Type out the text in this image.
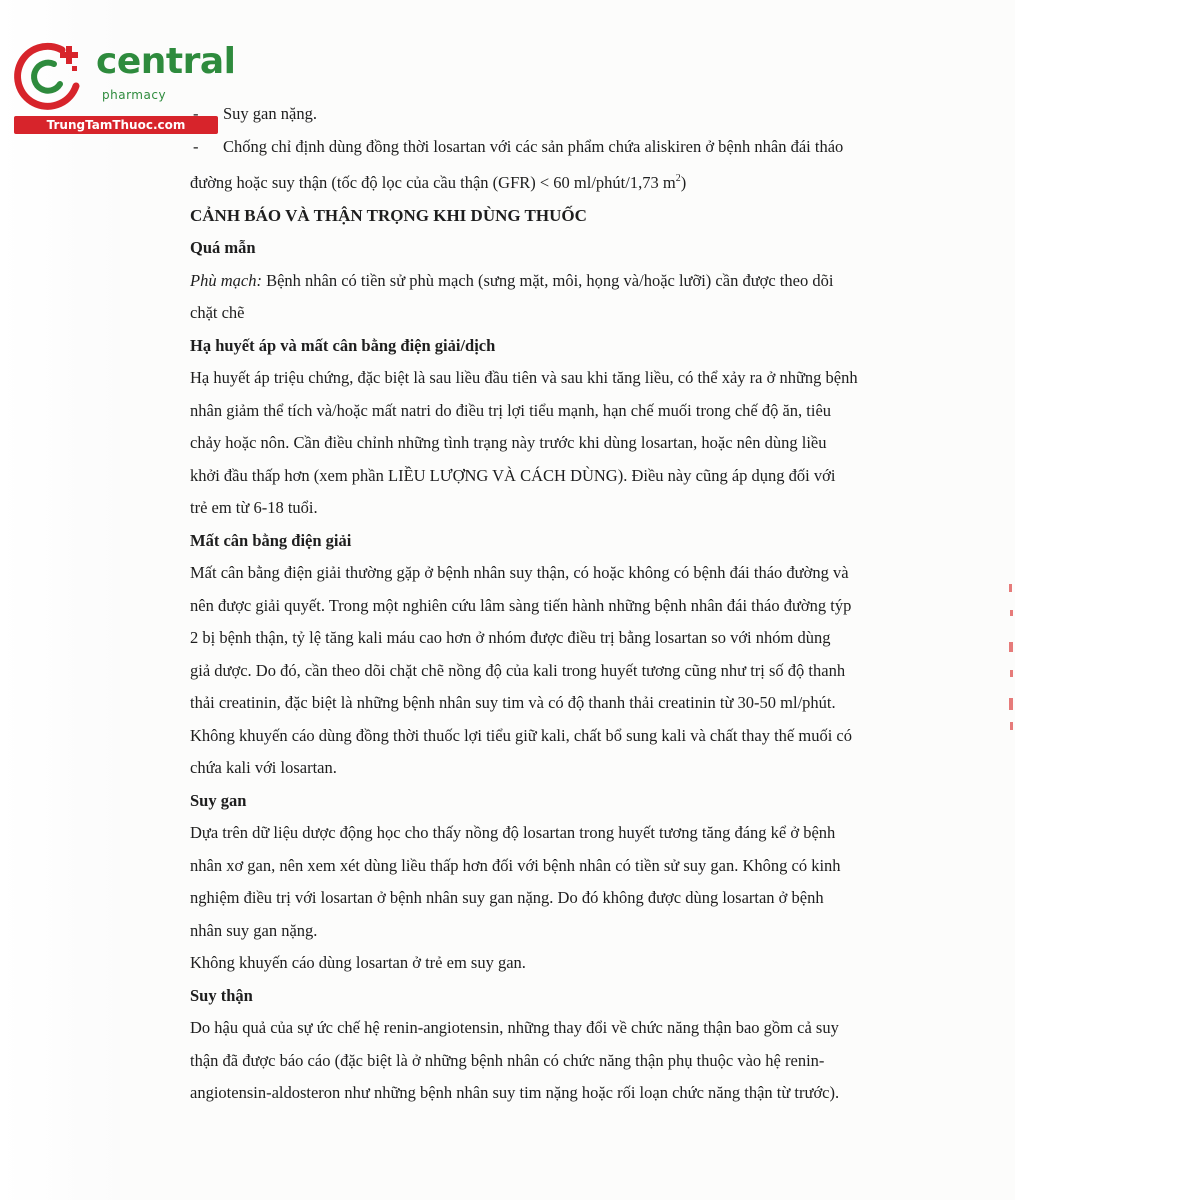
central
pharmacy
TrungTamThuoc.com
- Suy gan nặng.
- Chống chỉ định dùng đồng thời losartan với các sản phẩm chứa aliskiren ở bệnh nhân đái tháo
đường hoặc suy thận (tốc độ lọc của cầu thận (GFR) < 60 ml/phút/1,73 $m^2$)
CẢNH BÁO VÀ THẬN TRỌNG KHI DÙNG THUỐC
Quá mẫn
Phù mạch: Bệnh nhân có tiền sử phù mạch (sưng mặt, môi, họng và/hoặc lưỡi) cần được theo dõi
chặt chẽ
Hạ huyết áp và mất cân bằng điện giải/dịch
Hạ huyết áp triệu chứng, đặc biệt là sau liều đầu tiên và sau khi tăng liều, có thể xảy ra ở những bệnh
nhân giảm thể tích và/hoặc mất natri do điều trị lợi tiểu mạnh, hạn chế muối trong chế độ ăn, tiêu
chảy hoặc nôn. Cần điều chỉnh những tình trạng này trước khi dùng losartan, hoặc nên dùng liều
khởi đầu thấp hơn (xem phần LIỀU LƯỢNG VÀ CÁCH DÙNG). Điều này cũng áp dụng đối với
trẻ em từ 6-18 tuổi.
Mất cân bằng điện giải
Mất cân bằng điện giải thường gặp ở bệnh nhân suy thận, có hoặc không có bệnh đái tháo đường và
nên được giải quyết. Trong một nghiên cứu lâm sàng tiến hành những bệnh nhân đái tháo đường týp
2 bị bệnh thận, tỷ lệ tăng kali máu cao hơn ở nhóm được điều trị bằng losartan so với nhóm dùng
giả dược. Do đó, cần theo dõi chặt chẽ nồng độ của kali trong huyết tương cũng như trị số độ thanh
thải creatinin, đặc biệt là những bệnh nhân suy tim và có độ thanh thải creatinin từ 30-50 ml/phút.
Không khuyến cáo dùng đồng thời thuốc lợi tiểu giữ kali, chất bổ sung kali và chất thay thế muối có
chứa kali với losartan.
Suy gan
Dựa trên dữ liệu dược động học cho thấy nồng độ losartan trong huyết tương tăng đáng kể ở bệnh
nhân xơ gan, nên xem xét dùng liều thấp hơn đối với bệnh nhân có tiền sử suy gan. Không có kinh
nghiệm điều trị với losartan ở bệnh nhân suy gan nặng. Do đó không được dùng losartan ở bệnh
nhân suy gan nặng.
Không khuyến cáo dùng losartan ở trẻ em suy gan.
Suy thận
Do hậu quả của sự ức chế hệ renin-angiotensin, những thay đổi về chức năng thận bao gồm cả suy
thận đã được báo cáo (đặc biệt là ở những bệnh nhân có chức năng thận phụ thuộc vào hệ renin-
angiotensin-aldosteron như những bệnh nhân suy tim nặng hoặc rối loạn chức năng thận từ trước).
